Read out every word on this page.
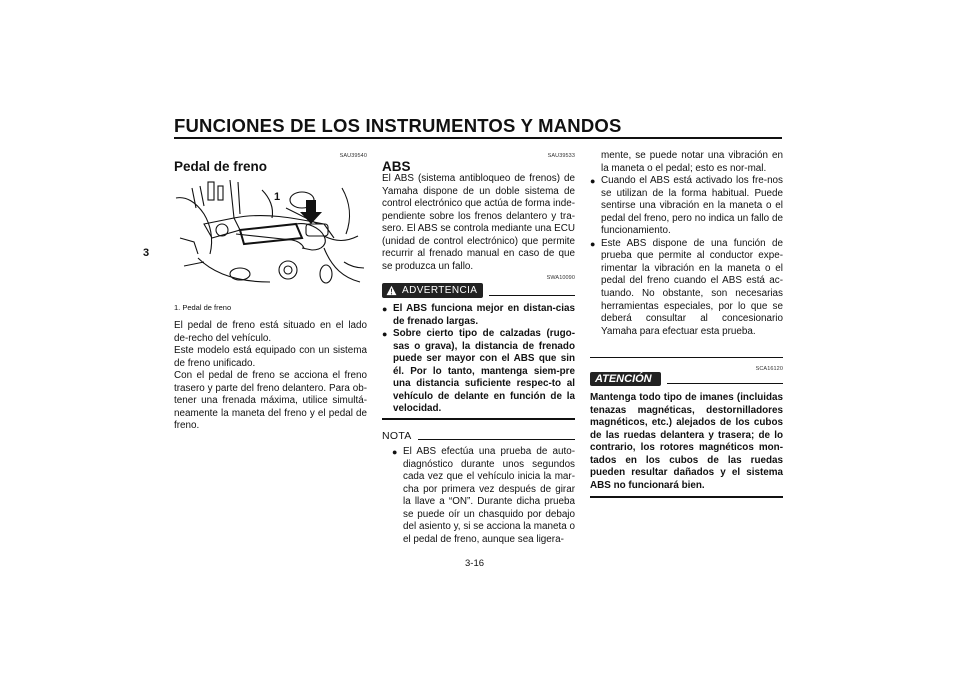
FUNCIONES DE LOS INSTRUMENTOS Y MANDOS
3
SAU39540
Pedal de freno
1
1. Pedal de freno

El pedal de freno está situado en el lado de-recho del vehículo.

Este modelo está equipado con un sistema de freno unificado.

Con el pedal de freno se acciona el freno trasero y parte del freno delantero. Para ob-tener una frenada máxima, utilice simultá-neamente la maneta del freno y el pedal de freno.

SAU39533
ABS
El ABS (sistema antibloqueo de frenos) de Yamaha dispone de un doble sistema de control electrónico que actúa de forma inde-pendiente sobre los frenos delantero y tra-sero. El ABS se controla mediante una ECU (unidad de control electrónico) que permite recurrir al frenado manual en caso de que se produzca un fallo.
SWA10090
ADVERTENCIA
● El ABS funciona mejor en distan-cias de frenado largas.
● Sobre cierto tipo de calzadas (rugo-sas o grava), la distancia de frenado puede ser mayor con el ABS que sin él. Por lo tanto, mantenga siem-pre una distancia suficiente respec-to al vehículo de delante en función de la velocidad.
NOTA
● El ABS efectúa una prueba de auto-diagnóstico durante unos segundos cada vez que el vehículo inicia la mar-cha por primera vez después de girar la llave a “ON”. Durante dicha prueba se puede oír un chasquido por debajo del asiento y, si se acciona la maneta o el pedal de freno, aunque sea ligera-
mente, se puede notar una vibración en la maneta o el pedal; esto es nor-mal.
● Cuando el ABS está activado los fre-nos se utilizan de la forma habitual. Puede sentirse una vibración en la maneta o el pedal del freno, pero no indica un fallo de funcionamiento.
● Este ABS dispone de una función de prueba que permite al conductor expe-rimentar la vibración en la maneta o el pedal del freno cuando el ABS está ac-tuando. No obstante, son necesarias herramientas especiales, por lo que se deberá consultar al concesionario Yamaha para efectuar esta prueba.
SCA16120
ATENCIÓN
Mantenga todo tipo de imanes (incluidas tenazas magnéticas, destornilladores magnéticos, etc.) alejados de los cubos de las ruedas delantera y trasera; de lo contrario, los rotores magnéticos mon-tados en los cubos de las ruedas pueden resultar dañados y el sistema ABS no funcionará bien.
3-16
